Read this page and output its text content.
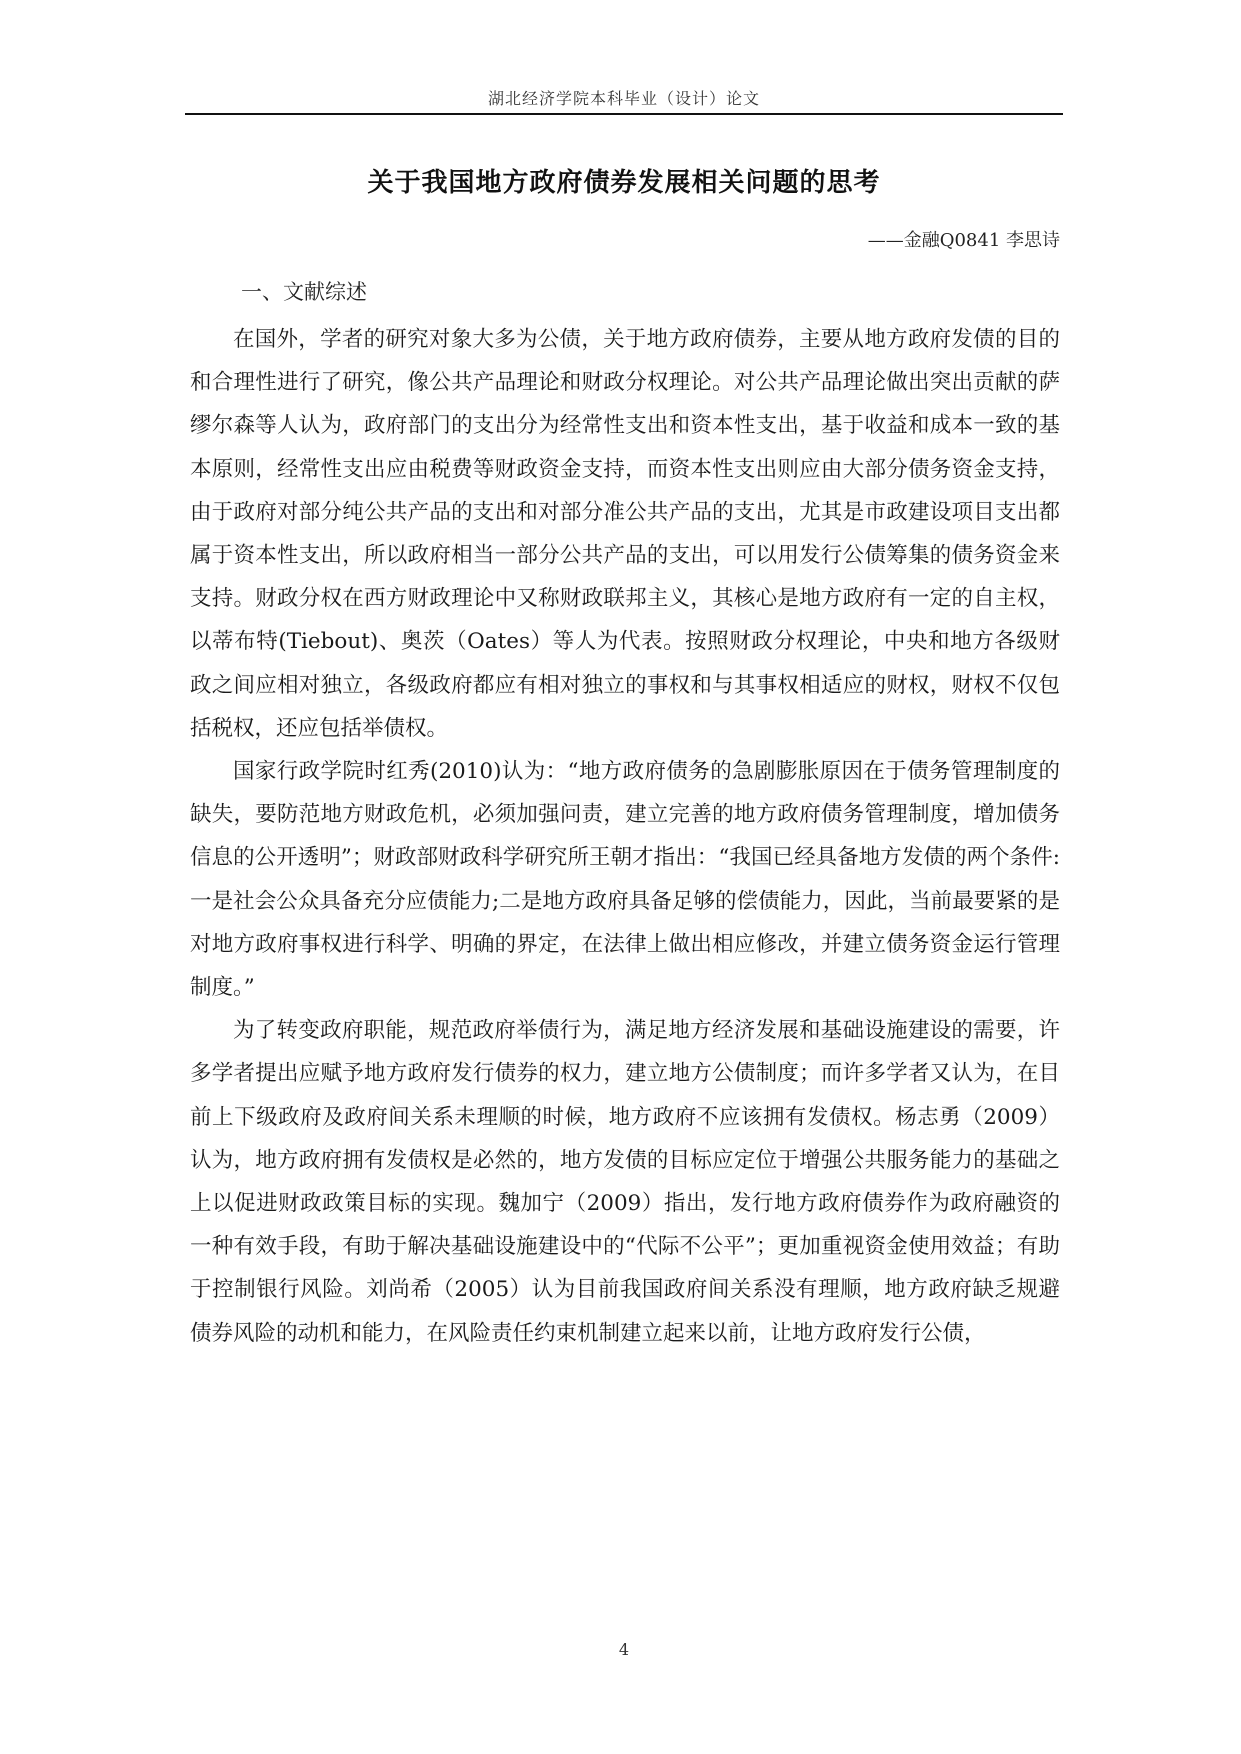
湖北经济学院本科毕业（设计）论文
关于我国地方政府债券发展相关问题的思考
——金融Q0841 李思诗
一、文献综述

在国外，学者的研究对象大多为公债，关于地方政府债券，主要从地方政府发债的目的和合理性进行了研究，像公共产品理论和财政分权理论。对公共产品理论做出突出贡献的萨缪尔森等人认为，政府部门的支出分为经常性支出和资本性支出，基于收益和成本一致的基本原则，经常性支出应由税费等财政资金支持，而资本性支出则应由大部分债务资金支持，由于政府对部分纯公共产品的支出和对部分准公共产品的支出，尤其是市政建设项目支出都属于资本性支出，所以政府相当一部分公共产品的支出，可以用发行公债筹集的债务资金来支持。财政分权在西方财政理论中又称财政联邦主义，其核心是地方政府有一定的自主权，以蒂布特(Tiebout)、奥茨（Oates）等人为代表。按照财政分权理论，中央和地方各级财政之间应相对独立，各级政府都应有相对独立的事权和与其事权相适应的财权，财权不仅包括税权，还应包括举债权。

国家行政学院时红秀(2010)认为：“地方政府债务的急剧膨胀原因在于债务管理制度的缺失，要防范地方财政危机，必须加强问责，建立完善的地方政府债务管理制度，增加债务信息的公开透明”；财政部财政科学研究所王朝才指出：“我国已经具备地方发债的两个条件:一是社会公众具备充分应债能力;二是地方政府具备足够的偿债能力，因此，当前最要紧的是对地方政府事权进行科学、明确的界定，在法律上做出相应修改，并建立债务资金运行管理制度。”

为了转变政府职能，规范政府举债行为，满足地方经济发展和基础设施建设的需要，许多学者提出应赋予地方政府发行债券的权力，建立地方公债制度；而许多学者又认为，在目前上下级政府及政府间关系未理顺的时候，地方政府不应该拥有发债权。杨志勇（2009）认为，地方政府拥有发债权是必然的，地方发债的目标应定位于增强公共服务能力的基础之上以促进财政政策目标的实现。魏加宁（2009）指出，发行地方政府债券作为政府融资的一种有效手段，有助于解决基础设施建设中的“代际不公平”；更加重视资金使用效益；有助于控制银行风险。刘尚希（2005）认为目前我国政府间关系没有理顺，地方政府缺乏规避债券风险的动机和能力，在风险责任约束机制建立起来以前，让地方政府发行公债，

4
